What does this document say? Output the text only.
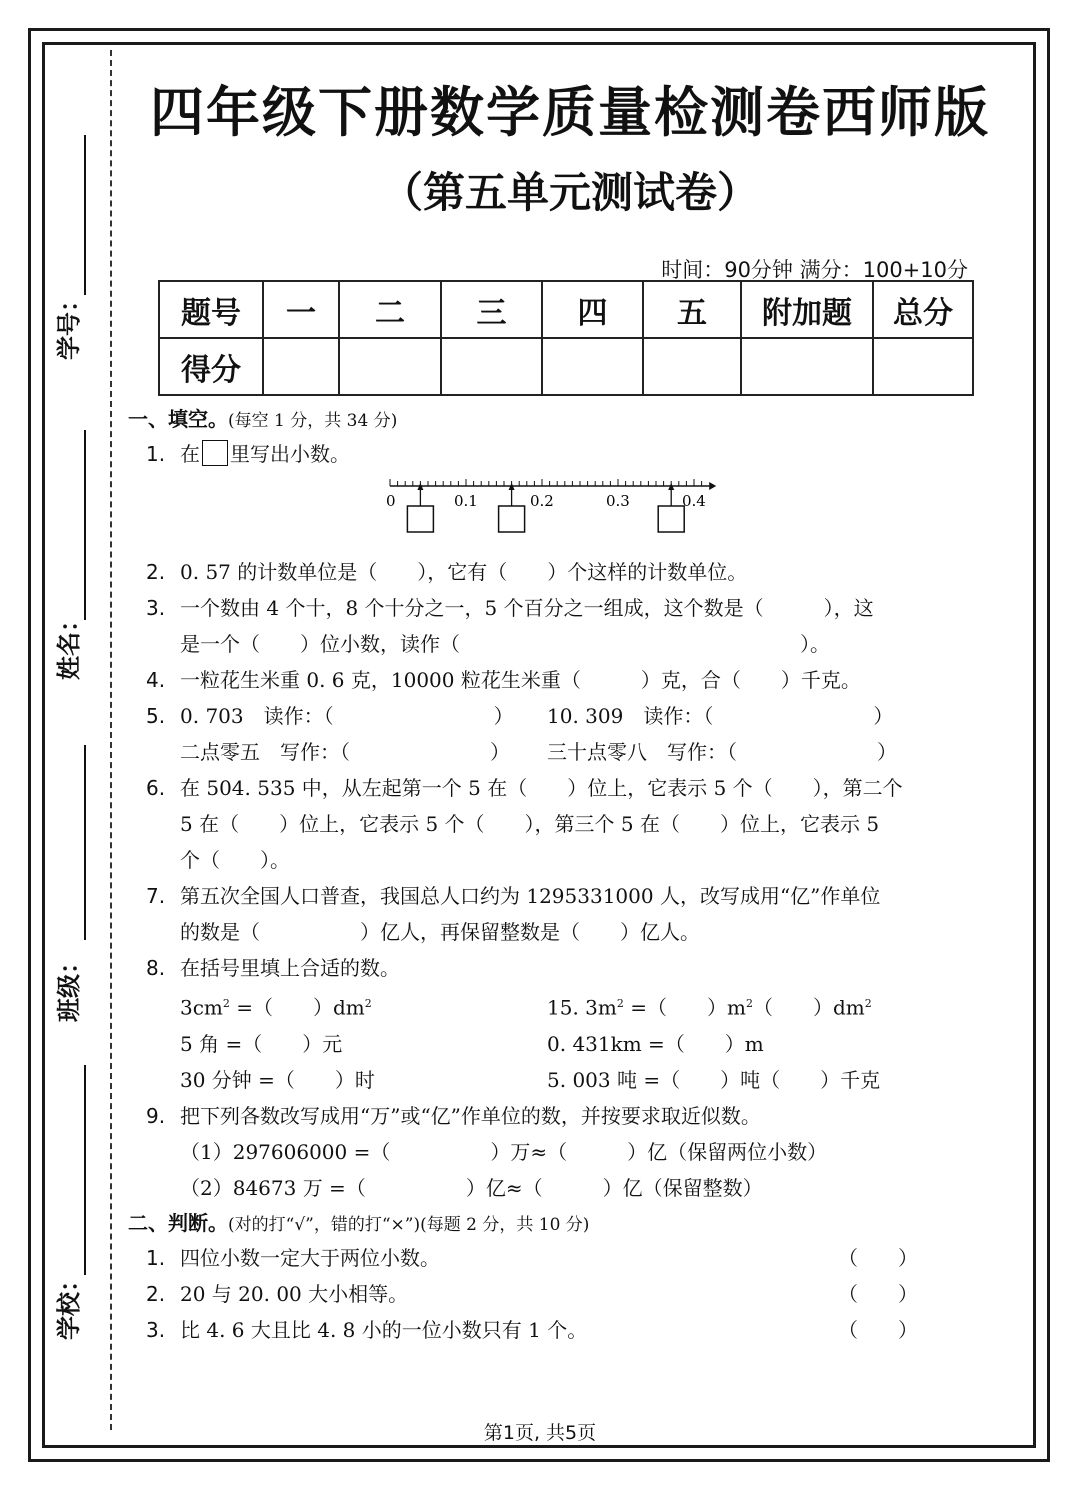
学号：
姓名：
班级：
学校：
四年级下册数学质量检测卷西师版
（第五单元测试卷）
时间：90分钟 满分：100+10分
题号	一	二	三	四	五	附加题	总分
得分							
一、填空。(每空 1 分，共 34 分)
1. 在 里写出小数。
0	0.1	0.2	0.3	0.4
2. 0. 57 的计数单位是（　　），它有（　　）个这样的计数单位。
3. 一个数由 4 个十，8 个十分之一，5 个百分之一组成，这个数是（　　　），这
是一个（　　）位小数，读作（　　　　　　　　　　　　　　　　　）。
4. 一粒花生米重 0. 6 克，10000 粒花生米重（　　　）克，合（　　）千克。
5. 0. 703　读作：（　　　　　　　　）	10. 309　读作：（　　　　　　　　）
二点零五　写作：（　　　　　　　）	三十点零八　写作：（　　　　　　　）
6. 在 504. 535 中，从左起第一个 5 在（　　）位上，它表示 5 个（　　），第二个
5 在（　　）位上，它表示 5 个（　　），第三个 5 在（　　）位上，它表示 5
个（　　）。
7. 第五次全国人口普查，我国总人口约为 1295331000 人，改写成用“亿”作单位
的数是（　　　　　）亿人，再保留整数是（　　）亿人。
8. 在括号里填上合适的数。
$3cm^2$ =（　　）$dm^2$	15. $3m^2$ =（　　）$m^2$（　　）$dm^2$
5 角 =（　　）元	0. 431km =（　　）m
30 分钟 =（　　）时	5. 003 吨 =（　　）吨（　　）千克
9. 把下列各数改写成用“万”或“亿”作单位的数，并按要求取近似数。
（1）297606000 =（　　　　　）万≈（　　　）亿（保留两位小数）
（2）84673 万 =（　　　　　）亿≈（　　　）亿（保留整数）
二、判断。(对的打“√”，错的打“×”)(每题 2 分，共 10 分)
1. 四位小数一定大于两位小数。	（　　）
2. 20 与 20. 00 大小相等。	（　　）
3. 比 4. 6 大且比 4. 8 小的一位小数只有 1 个。	（　　）
第1页, 共5页
